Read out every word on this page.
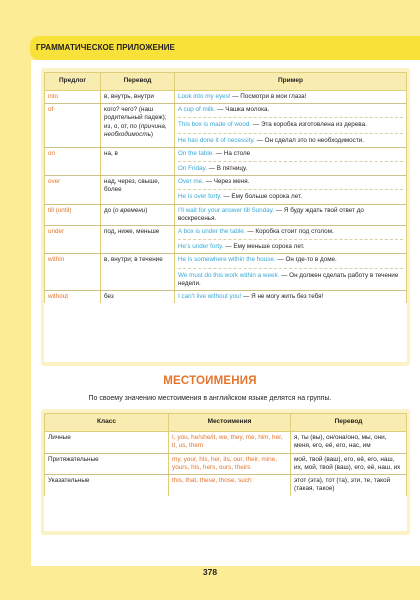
ГРАММАТИЧЕСКОЕ ПРИЛОЖЕНИЕ
Предлог	Перевод	Пример
into	в, внутрь, внутри	Look into my eyes! — Посмотри в мои глаза!

of	кого? чего? (наш родительный падеж); из, о, от, по (причина, необходимость)	A cup of milk. — Чашка молока.
This box is made of wood. — Эта коробка изготовлена из дерева.
He has done it of necessity. — Он сделал это по необходимости.

on	на, в	On the table. — На столе
On Friday. — В пятницу.

over	над, через, свыше, более	Over me. — Через меня.
He is over forty. — Ему больше сорока лет.

till (until)	до (о времени)	I’ll wait for your answer till Sunday. — Я буду ждать твой ответ до воскресенья.

under	под, ниже, меньше	A box is under the table. — Коробка стоит под столом.
He’s under forty. — Ему меньше сорока лет.

within	в, внутри; в течение	He is somewhere within the house. — Он где-то в доме.
We must do this work within a week. — Он должен сделать работу в течение недели.

without	без	I can’t live without you! — Я не могу жить без тебя!
МЕСТОИМЕНИЯ
По своему значению местоимения в английском языке делятся на группы.
Класс	Местоимения	Перевод
Личные	I, you, he/she/it, we, they, me, him, her, it, us, them	я, ты (вы), он/она/оно, мы, они, меня, его, её, его, нас, им
Притяжательные	my, your, his, her, its, our, their, mine, yours, his, hers, ours, theirs	мой, твой (ваш), его, её, его, наш, их, мой, твой (ваш), его, её, наш, их
Указательные	this, that, these, those, such	этот (эта), тот (та), эти, те, такой (такая, такое)
378
